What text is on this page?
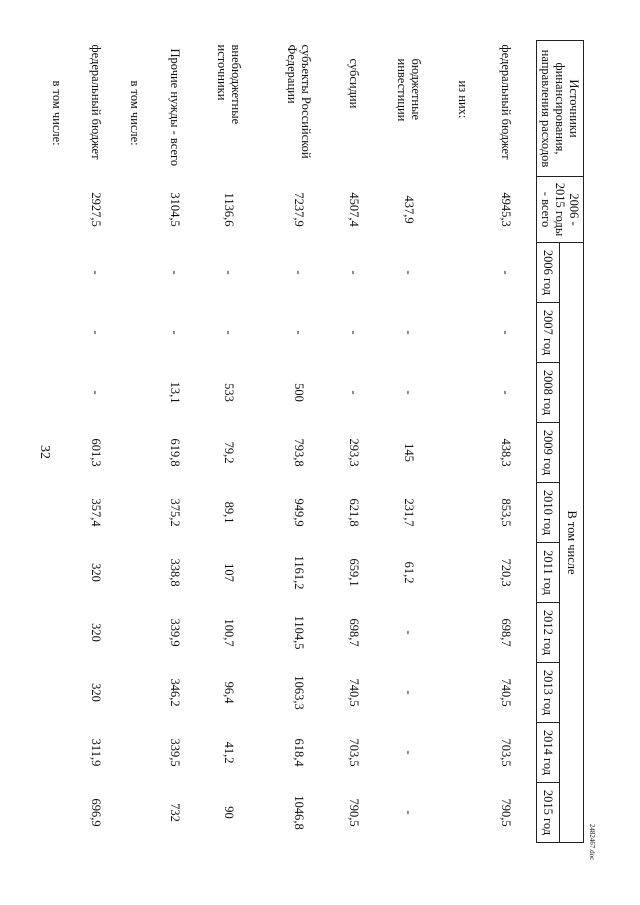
32
Источники финансирования, направления расходов	2006 - 2015 годы - всего	В том числе									
		2006 год	2007 год	2008 год	2009 год	2010 год	2011 год	2012 год	2013 год	2014 год	2015 год
федеральный бюджет	4945,3	-	-	-	438,3	853,5	720,3	698,7	740,5	703,5	790,5
из них:											
бюджетные инвестиции	437,9	-	-	-	145	231,7	61,2	-	-	-	-
субсидии	4507,4	-	-	-	293,3	621,8	659,1	698,7	740,5	703,5	790,5
субъекты Российской Федерации	7237,9	-	-	500	793,8	949,9	1161,2	1104,5	1063,3	618,4	1046,8
внебюджетные источники	1136,6	-	-	533	79,2	89,1	107	100,7	96,4	41,2	90
Прочие нужды - всего	3104,5	-	-	13,1	619,8	375,2	338,8	339,9	346,2	339,5	732
в том числе:											
федеральный бюджет	2927,5	-	-	-	601,3	357,4	320	320	320	311,9	696,9
в том числе:											
2482467.doc
